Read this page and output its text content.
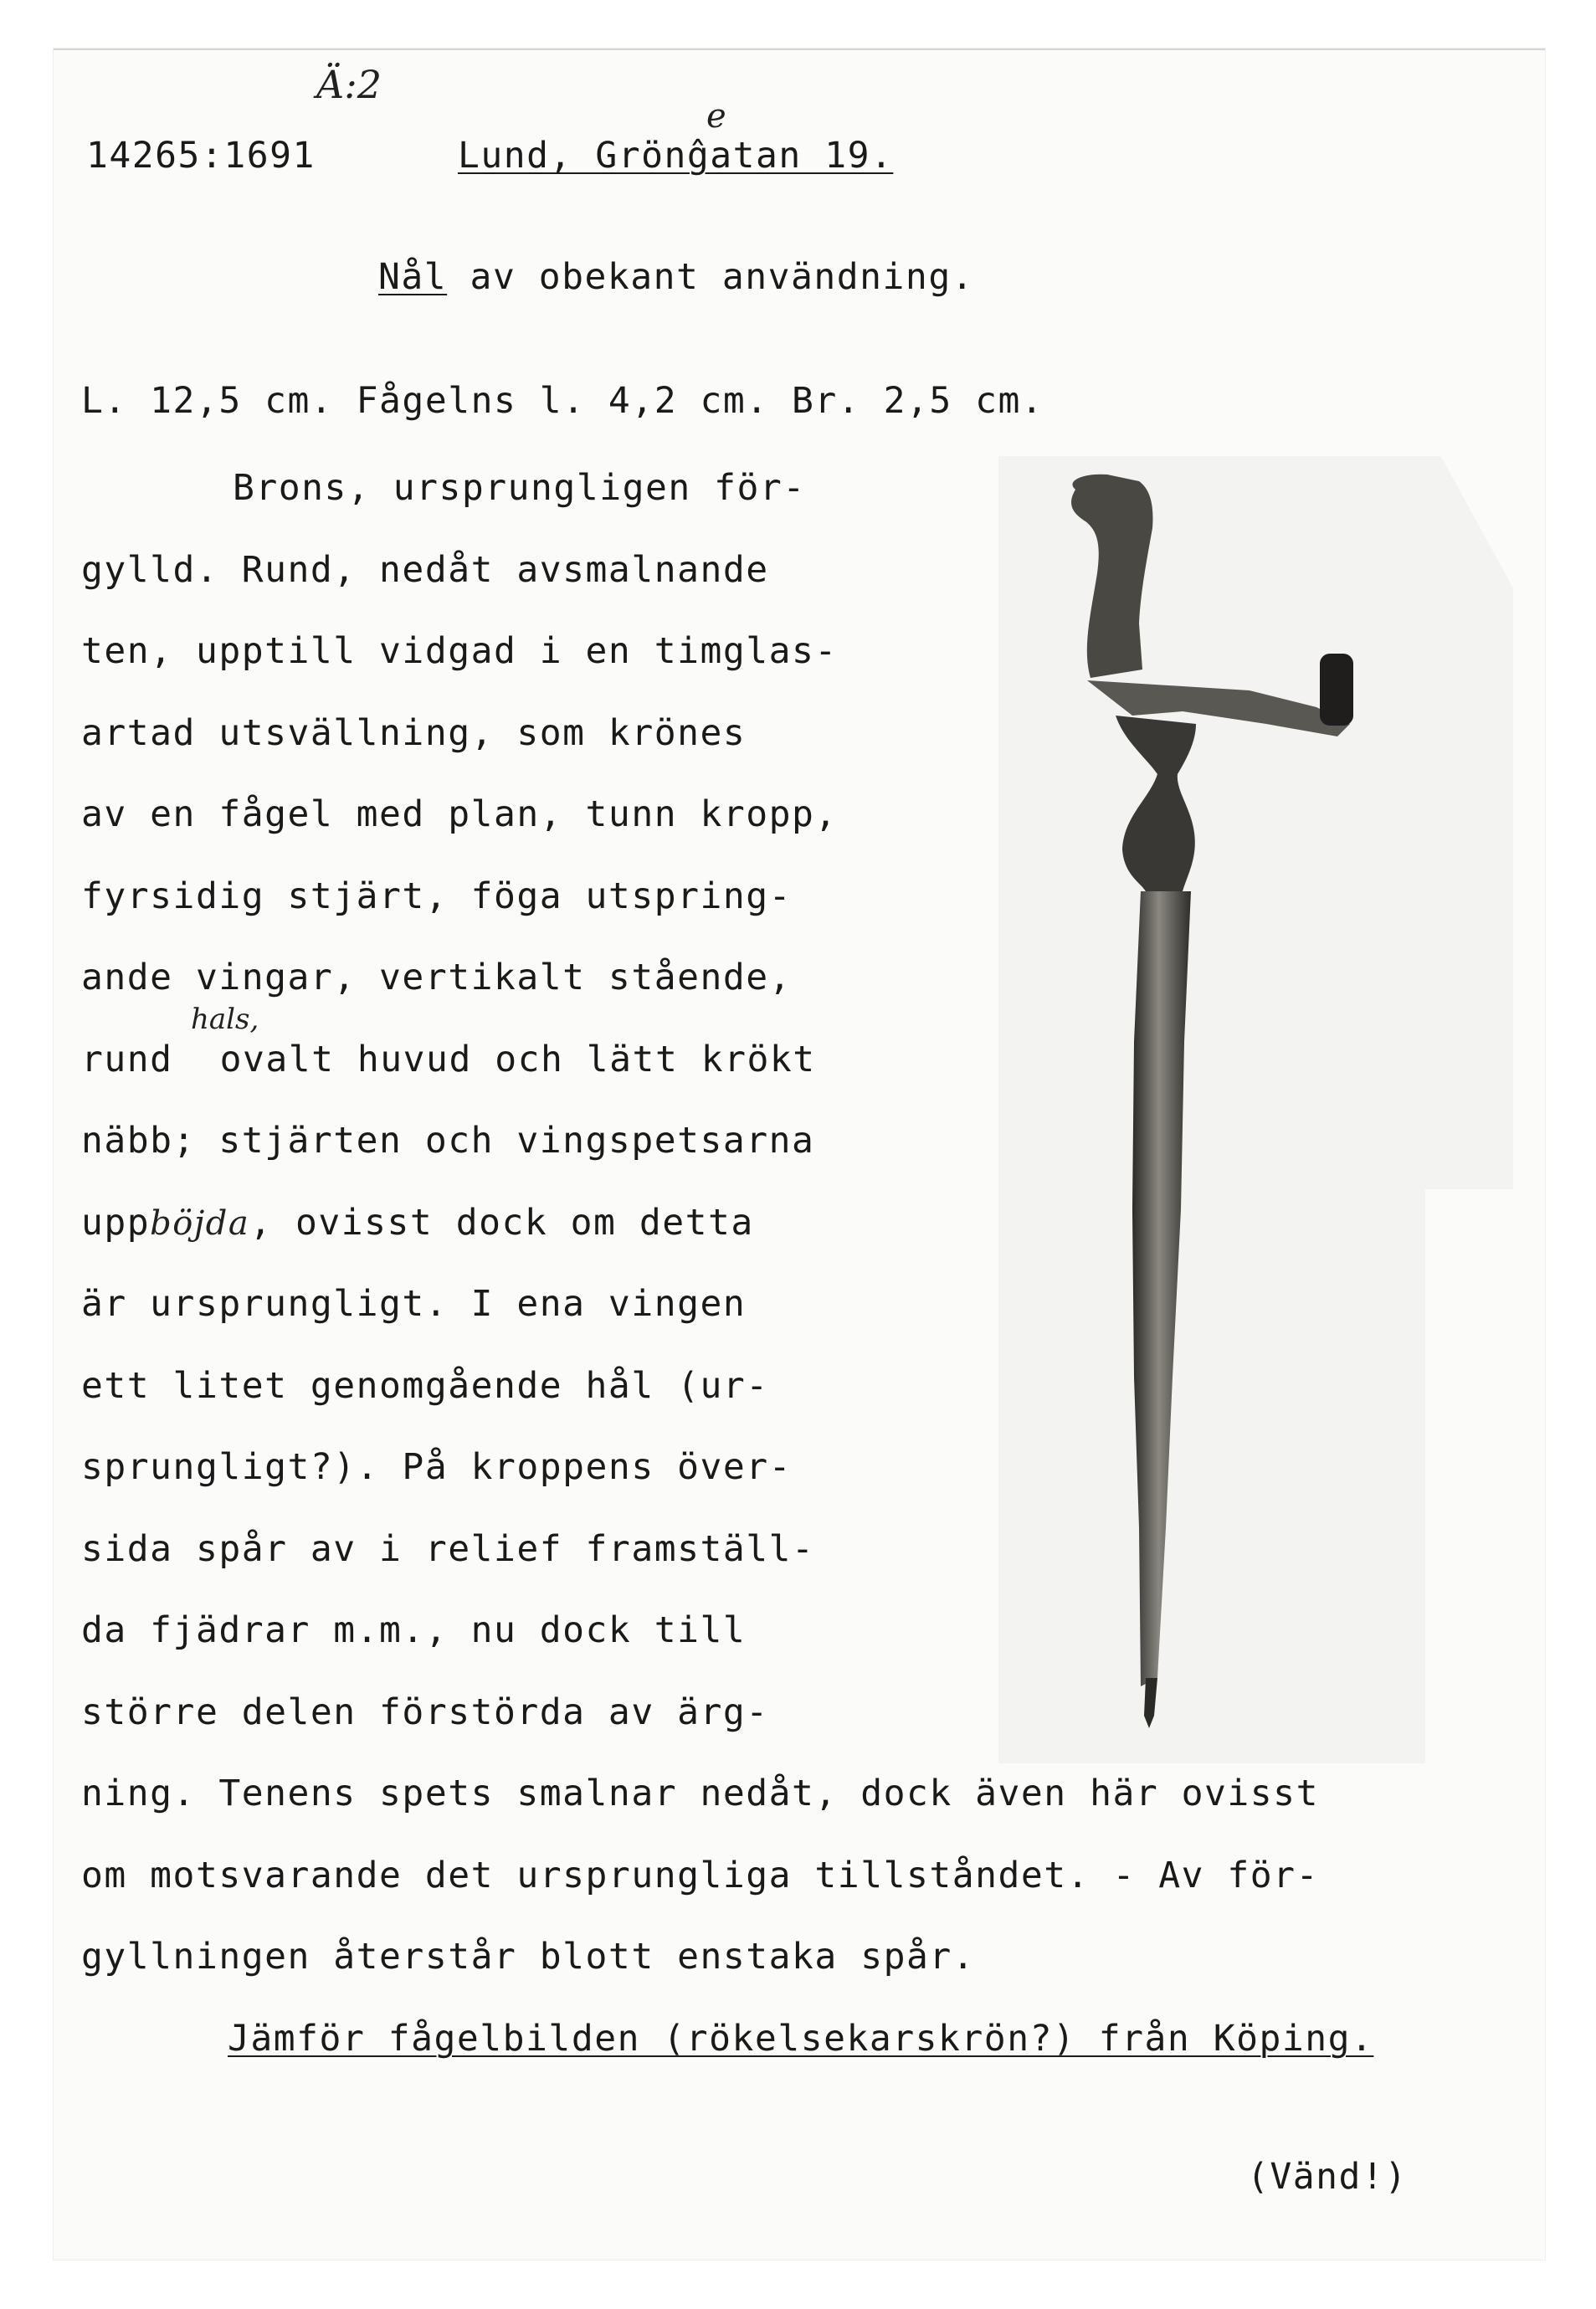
Ä:2
14265:1691
e
Lund, Grönĝatan 19.
Nål av obekant användning.
L. 12,5 cm. Fågelns l. 4,2 cm. Br. 2,5 cm.
Brons, ursprungligen för-
gylld. Rund, nedåt avsmalnande
ten, upptill vidgad i en timglas-
artad utsvällning, som krönes
av en fågel med plan, tunn kropp,
fyrsidig stjärt, föga utspring-
ande vingar, vertikalt stående,
hals,
rund ovalt huvud och lätt krökt
näbb; stjärten och vingspetsarna
uppböjda, ovisst dock om detta
är ursprungligt. I ena vingen
ett litet genomgående hål (ur-
sprungligt?). På kroppens över-
sida spår av i relief framställ-
da fjädrar m.m., nu dock till
större delen förstörda av ärg-
ning. Tenens spets smalnar nedåt, dock även här ovisst
om motsvarande det ursprungliga tillståndet. - Av för-
gyllningen återstår blott enstaka spår.
Jämför fågelbilden (rökelsekarskrön?) från Köping.
(Vänd!)
